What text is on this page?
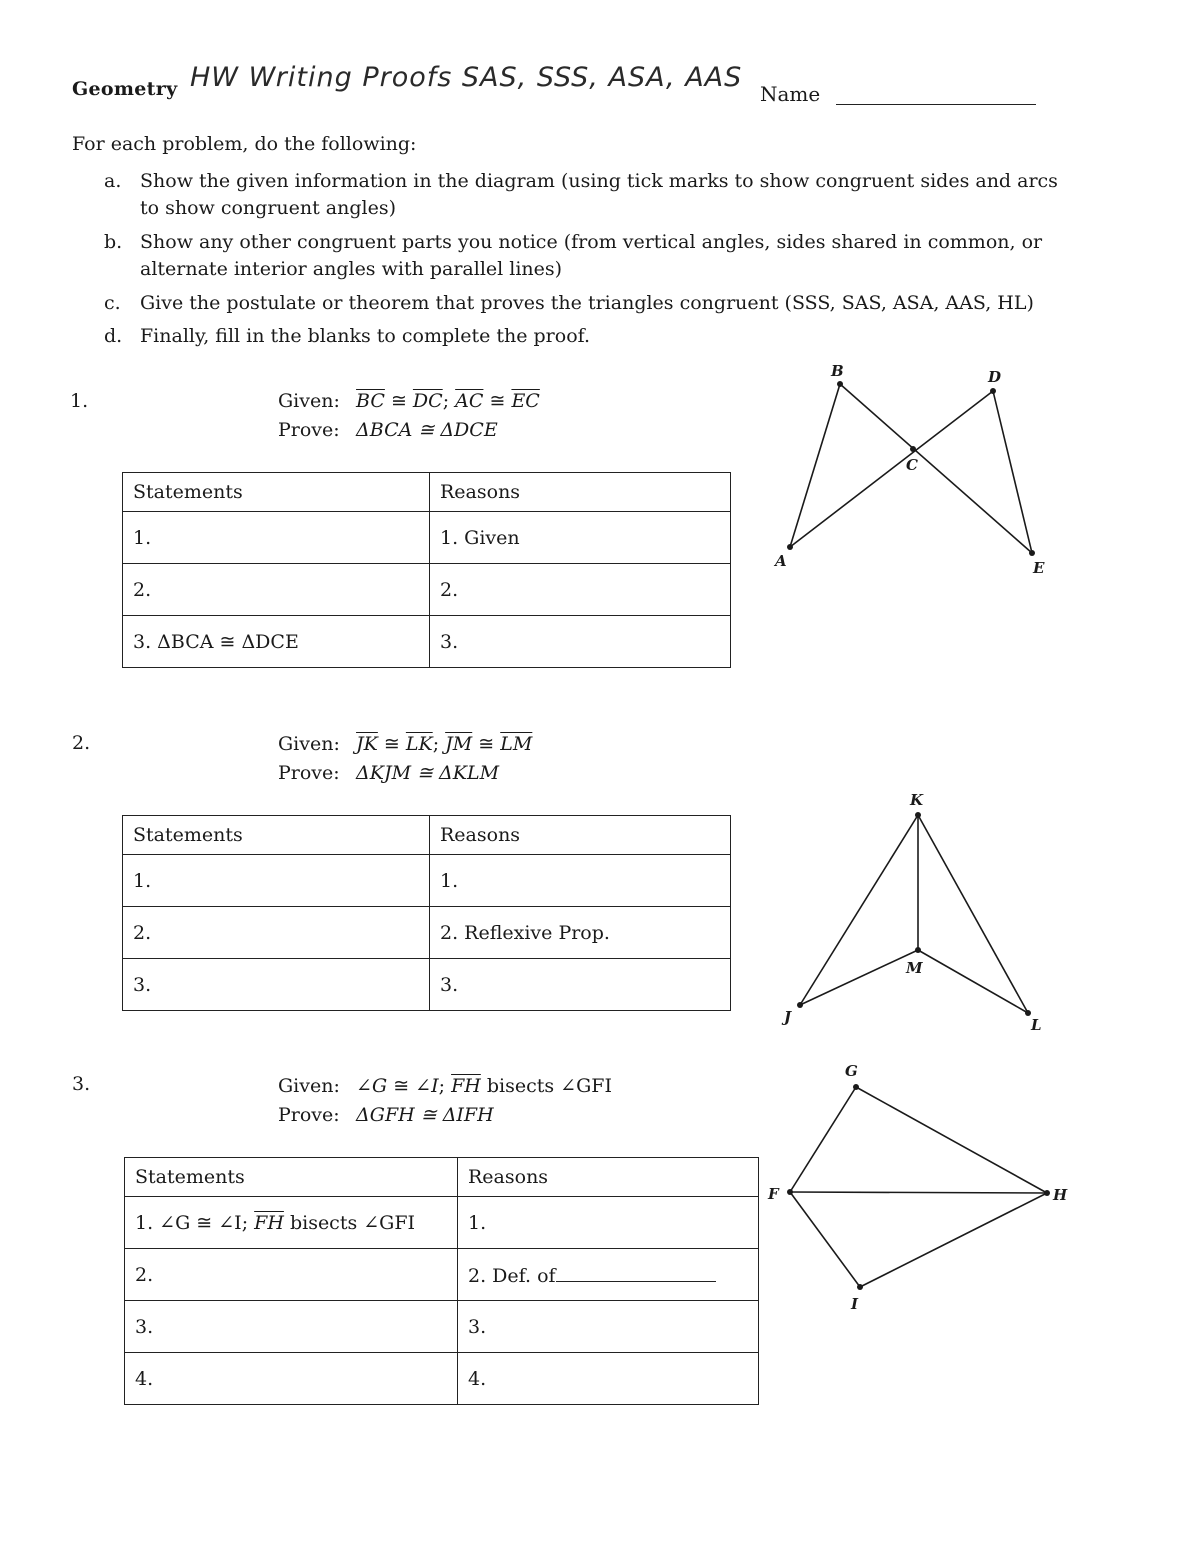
Geometry HW Writing Proofs SAS, SSS, ASA, AAS
Name
For each problem, do the following:
a. Show the given information in the diagram (using tick marks to show congruent sides and arcs to show congruent angles)
b. Show any other congruent parts you notice (from vertical angles, sides shared in common, or alternate interior angles with parallel lines)
c.	Give the postulate or theorem that proves the triangles congruent (SSS, SAS, ASA, AAS, HL)
d. Finally, fill in the blanks to complete the proof.
1.	Given: $\overline{BC}$ ≅ $\overline{DC}$; $\overline{AC}$ ≅ $\overline{EC}$
Prove: ΔBCA ≅ ΔDCE
Statements	Reasons
1.	1. Given
2.	2.
3. ΔBCA ≅ ΔDCE	3.
A
B
C
D
E
2.	Given: $\overline{JK}$ ≅ $\overline{LK}$; $\overline{JM}$ ≅ $\overline{LM}$
Prove: ΔKJM ≅ ΔKLM
Statements	Reasons
1.	1.
2.	2. Reflexive Prop.
3.	3.
J
K
L
M
3.	Given: ∠G ≅ ∠I; $\overline{FH}$ bisects ∠GFI
Prove: ΔGFH ≅ ΔIFH
Statements	Reasons
1. ∠G ≅ ∠I; $\overline{FH}$ bisects ∠GFI	1.
2.	2. Def. of
3.	3.
4.	4.
F
G
H
I
